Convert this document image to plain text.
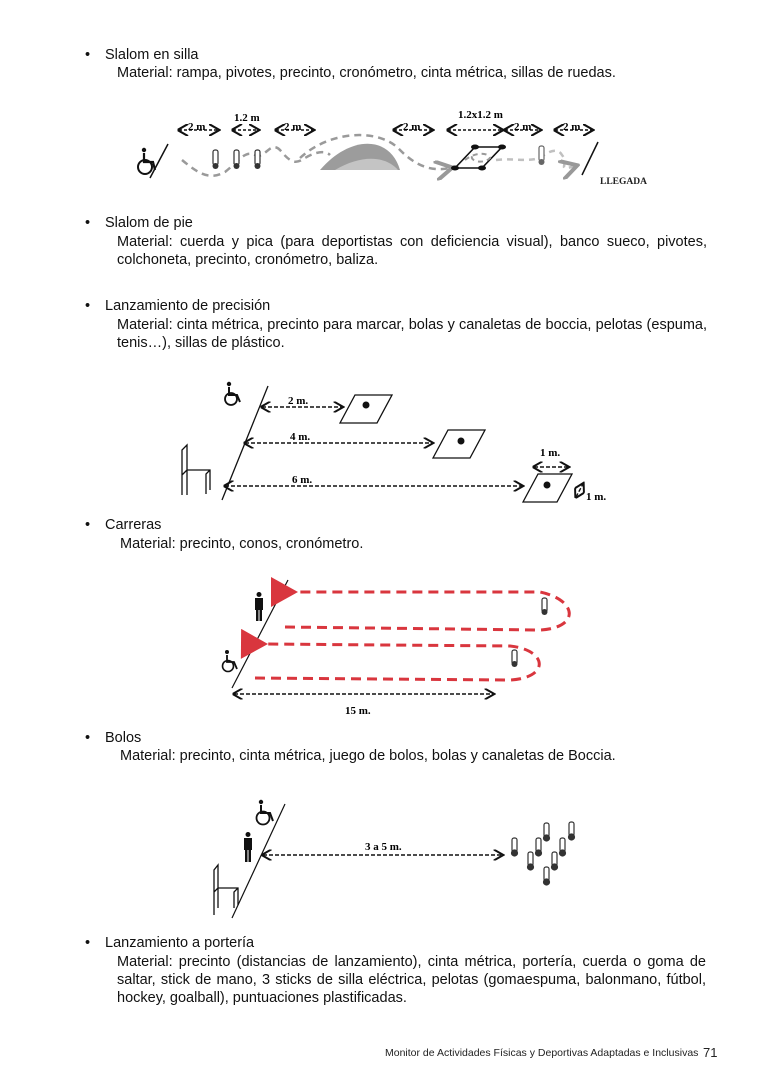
• Slalom en silla
Material: rampa, pivotes, precinto, cronómetro, cinta métrica, sillas de ruedas.
LLEGADA
2 m
1.2 m
2 m	2 m
1.2x1.2 m
2 m	2 m
• Slalom de pie
Material: cuerda y pica (para deportistas con deficiencia visual), banco sueco, pivotes, colchoneta, precinto, cronómetro, baliza.
• Lanzamiento de precisión
Material: cinta métrica, precinto para marcar, bolas y canaletas de boccia, pelotas (espuma, tenis…), sillas de plástico.
2 m.
4 m.
6 m.
1 m.
1 m.
• Carreras
Material: precinto, conos, cronómetro.
15 m.
• Bolos
Material: precinto, cinta métrica, juego de bolos, bolas y canaletas de Boccia.
3 a 5 m.
• Lanzamiento a portería
Material: precinto (distancias de lanzamiento), cinta métrica, portería, cuerda o goma de saltar, stick de mano, 3 sticks de silla eléctrica, pelotas (gomaespuma, balonmano, fútbol, hockey, goalball), puntuaciones plastificadas.
Monitor de Actividades Físicas y Deportivas Adaptadas e Inclusivas 71
